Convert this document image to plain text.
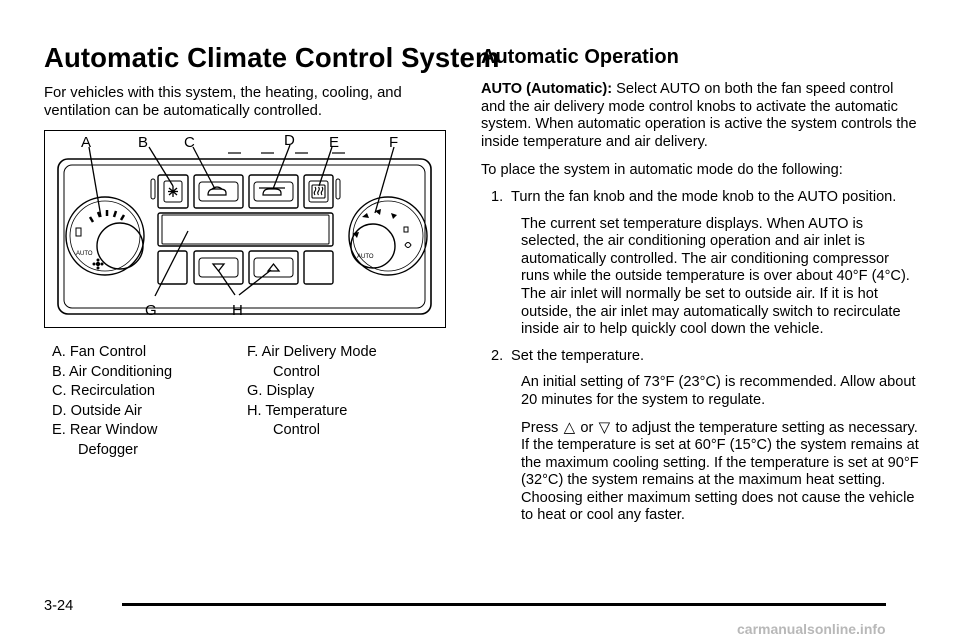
Automatic Climate Control System

For vehicles with this system, the heating, cooling, and ventilation can be automatically controlled.

AUTO	AUTO
A	B C	D E	F
G	H
A. Fan Control
B. Air Conditioning
C. Recirculation
D. Outside Air
E. Rear Window
Defogger
F. Air Delivery Mode
Control
G. Display
H. Temperature
Control
Automatic Operation

AUTO (Automatic): Select AUTO on both the fan speed control and the air delivery mode control knobs to activate the automatic system. When automatic operation is active the system controls the inside temperature and air delivery.

To place the system in automatic mode do the following:

1. Turn the fan knob and the mode knob to the AUTO position.

The current set temperature displays. When AUTO is selected, the air conditioning operation and air inlet is automatically controlled. The air conditioning compressor runs while the outside temperature is over about 40°F (4°C). The air inlet will normally be set to outside air. If it is hot outside, the air inlet may automatically switch to recirculate inside air to help quickly cool down the vehicle.

2. Set the temperature.

An initial setting of 73°F (23°C) is recommended. Allow about 20 minutes for the system to regulate.

Press △ or ▽ to adjust the temperature setting as necessary. If the temperature is set at 60°F (15°C) the system remains at the maximum cooling setting. If the temperature is set at 90°F (32°C) the system remains at the maximum heat setting. Choosing either maximum setting does not cause the vehicle to heat or cool any faster.

3-24
carmanualsonline.info
